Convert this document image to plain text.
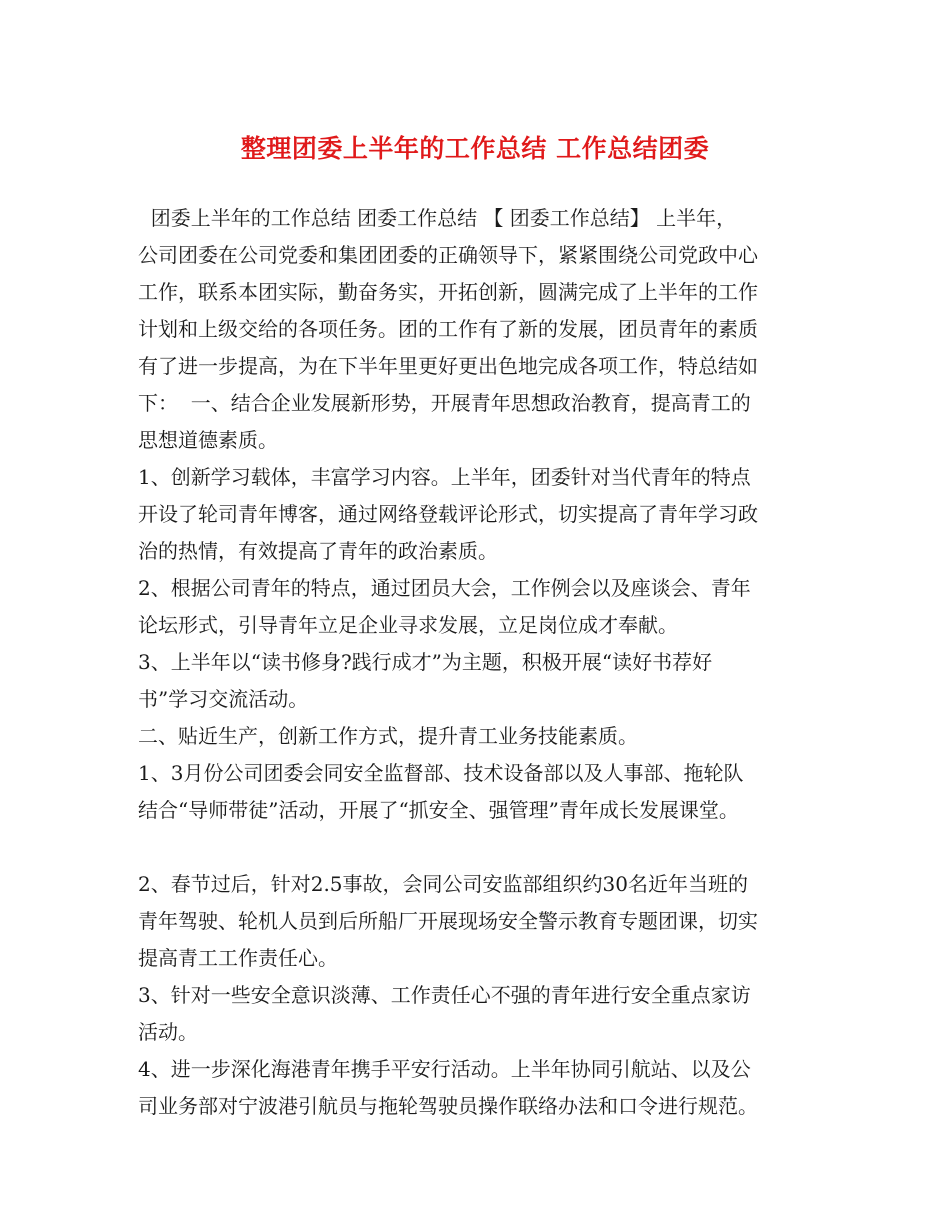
整理团委上半年的工作总结 工作总结团委

团委上半年的工作总结 团委工作总结 【 团委工作总结】 上半年，

公司团委在公司党委和集团团委的正确领导下，紧紧围绕公司党政中心

工作，联系本团实际，勤奋务实，开拓创新，圆满完成了上半年的工作

计划和上级交给的各项任务。团的工作有了新的发展，团员青年的素质

有了进一步提高，为在下半年里更好更出色地完成各项工作，特总结如

下：  一、结合企业发展新形势，开展青年思想政治教育，提高青工的

思想道德素质。

1、创新学习载体，丰富学习内容。上半年，团委针对当代青年的特点

开设了轮司青年博客，通过网络登载评论形式，切实提高了青年学习政

治的热情，有效提高了青年的政治素质。

2、根据公司青年的特点，通过团员大会，工作例会以及座谈会、青年

论坛形式，引导青年立足企业寻求发展，立足岗位成才奉献。

3、上半年以“读书修身?践行成才”为主题，积极开展“读好书荐好

书”学习交流活动。

二、贴近生产，创新工作方式，提升青工业务技能素质。

1、3月份公司团委会同安全监督部、技术设备部以及人事部、拖轮队

结合“导师带徒”活动，开展了“抓安全、强管理”青年成长发展课堂。

2、春节过后，针对2.5事故，会同公司安监部组织约30名近年当班的

青年驾驶、轮机人员到后所船厂开展现场安全警示教育专题团课，切实

提高青工工作责任心。

3、针对一些安全意识淡薄、工作责任心不强的青年进行安全重点家访

活动。

4、进一步深化海港青年携手平安行活动。上半年协同引航站、以及公

司业务部对宁波港引航员与拖轮驾驶员操作联络办法和口令进行规范。
